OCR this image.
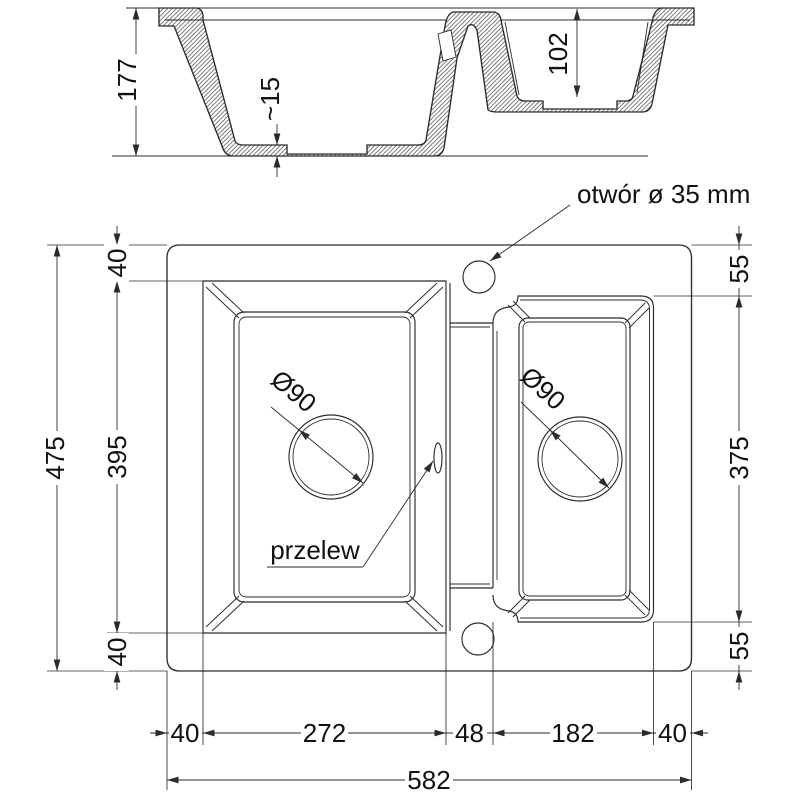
177
102
~15
otwór ø 35 mm
przelew
Ø90	Ø90
475
40
395
40
55
375
55
40	272	48	182 40
582
